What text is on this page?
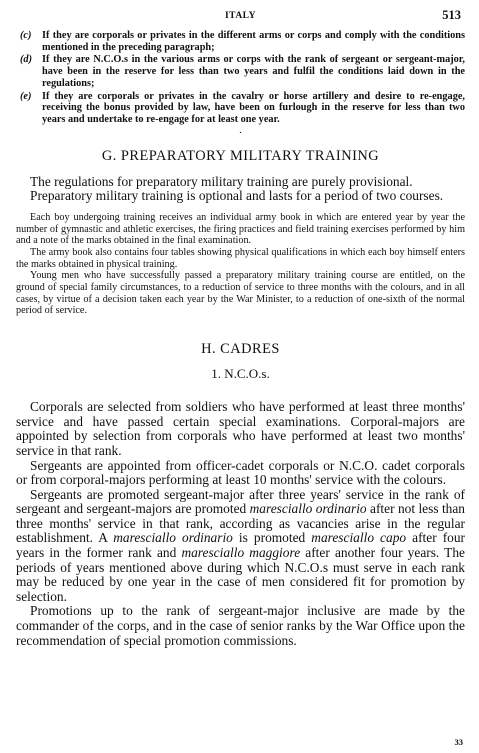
ITALY	513
(c)	If they are corporals or privates in the different arms or corps and comply with the conditions mentioned in the preceding paragraph;
(d) If they are N.C.O.s in the various arms or corps with the rank of sergeant or sergeant-major, have been in the reserve for less than two years and fulfil the conditions laid down in the regulations;
(e)	If they are corporals or privates in the cavalry or horse artillery and desire to re-engage, receiving the bonus provided by law, have been on furlough in the reserve for less than two years and undertake to re-engage for at least one year.
·
G. PREPARATORY MILITARY TRAINING

The regulations for preparatory military training are purely provisional.

Preparatory military training is optional and lasts for a period of two courses.

Each boy undergoing training receives an individual army book in which are entered year by year the number of gymnastic and athletic exercises, the firing practices and field training exercises performed by him and a note of the marks obtained in the final examination.

The army book also contains four tables showing physical qualifications in which each boy himself enters the marks obtained in physical training.

Young men who have successfully passed a preparatory military training course are entitled, on the ground of special family circumstances, to a reduction of service to three months with the colours, and in all cases, by virtue of a decision taken each year by the War Minister, to a reduction of one-sixth of the normal period of service.

H. CADRES
1. N.C.O.s.

Corporals are selected from soldiers who have performed at least three months' service and have passed certain special examinations. Corporal-majors are appointed by selection from corporals who have performed at least two months' service in that rank.

Sergeants are appointed from officer-cadet corporals or N.C.O. cadet corporals or from corporal-majors performing at least 10 months' service with the colours.

Sergeants are promoted sergeant-major after three years' service in the rank of sergeant and sergeant-majors are promoted maresciallo ordinario after not less than three months' service in that rank, according as vacancies arise in the regular establishment. A maresciallo ordinario is promoted maresciallo capo after four years in the former rank and maresciallo maggiore after another four years. The periods of years mentioned above during which N.C.O.s must serve in each rank may be reduced by one year in the case of men considered fit for promotion by selection.

Promotions up to the rank of sergeant-major inclusive are made by the commander of the corps, and in the case of senior ranks by the War Office upon the recommendation of special promotion commissions.

33
